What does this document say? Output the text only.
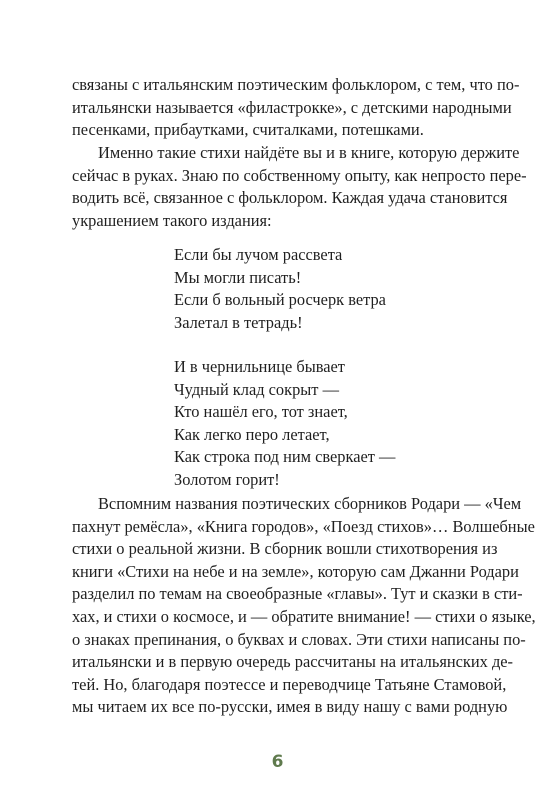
связаны с итальянским поэтическим фольклором, с тем, что по-
итальянски называется «филастрокке», с детскими народными
песенками, прибаутками, считалками, потешками.
Именно такие стихи найдёте вы и в книге, которую держите
сейчас в руках. Знаю по собственному опыту, как непросто пере-
водить всё, связанное с фольклором. Каждая удача становится
украшением такого издания:
Если бы лучом рассвета
Мы могли писать!
Если б вольный росчерк ветра
Залетал в тетрадь!
И в чернильнице бывает
Чудный клад сокрыт —
Кто нашёл его, тот знает,
Как легко перо летает,
Как строка под ним сверкает —
Золотом горит!
Вспомним названия поэтических сборников Родари — «Чем
пахнут ремёсла», «Книга городов», «Поезд стихов»… Волшебные
стихи о реальной жизни. В сборник вошли стихотворения из
книги «Стихи на небе и на земле», которую сам Джанни Родари
разделил по темам на своеобразные «главы». Тут и сказки в сти-
хах, и стихи о космосе, и — обратите внимание! — стихи о языке,
о знаках препинания, о буквах и словах. Эти стихи написаны по-
итальянски и в первую очередь рассчитаны на итальянских де-
тей. Но, благодаря поэтессе и переводчице Татьяне Стамовой,
мы читаем их все по-русски, имея в виду нашу с вами родную
6
